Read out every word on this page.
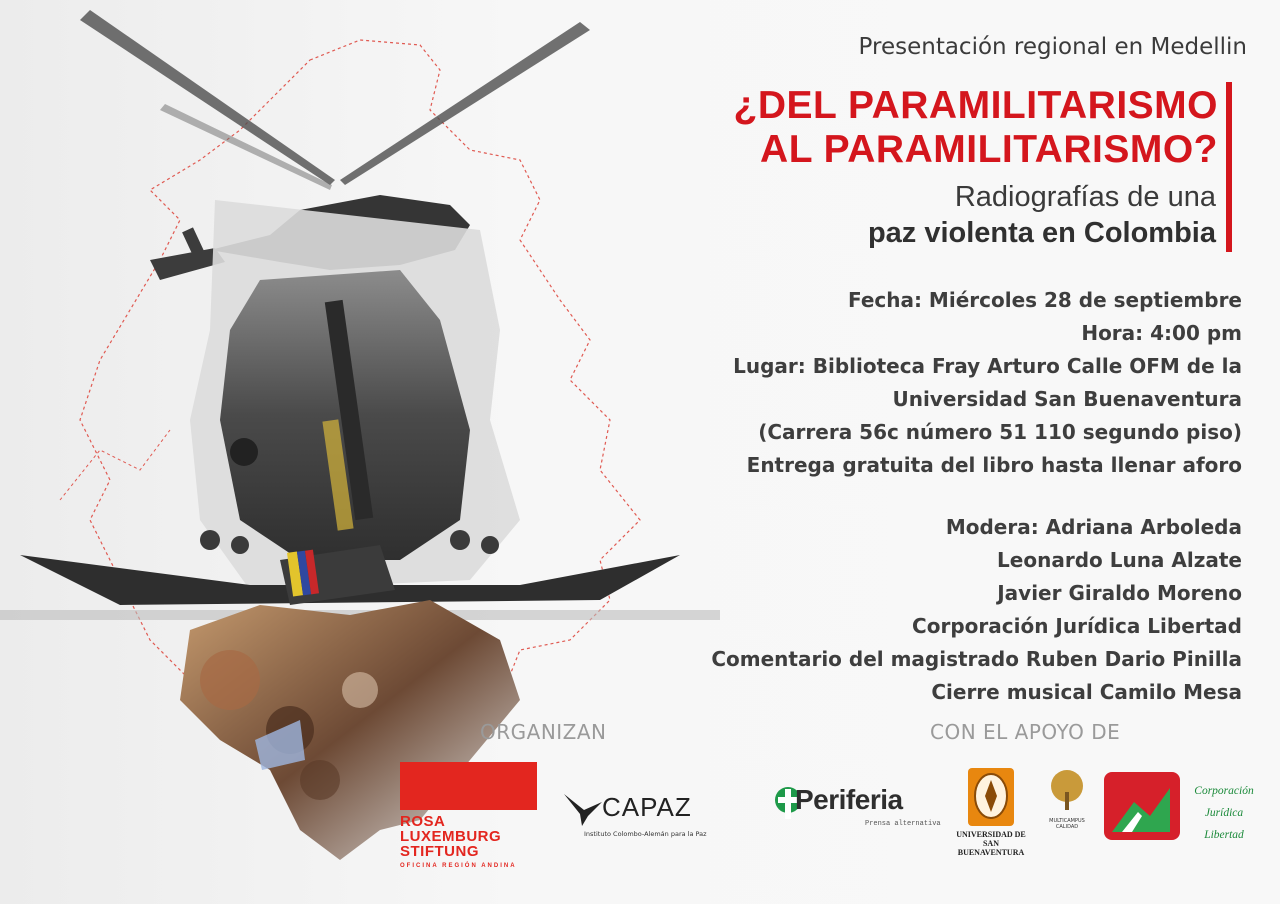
Presentación regional en Medellin
¿DEL PARAMILITARISMO
AL PARAMILITARISMO?
Radiografías de una
paz violenta en Colombia
Fecha: Miércoles 28 de septiembre
Hora: 4:00 pm
Lugar: Biblioteca Fray Arturo Calle OFM de la
Universidad San Buenaventura
(Carrera 56c número 51 110 segundo piso)
Entrega gratuita del libro hasta llenar aforo
Modera: Adriana Arboleda
Leonardo Luna Alzate
Javier Giraldo Moreno
Corporación Jurídica Libertad
Comentario del magistrado Ruben Dario Pinilla
Cierre musical Camilo Mesa
ORGANIZAN	CON EL APOYO DE
ROSA
LUXEMBURG
STIFTUNG
OFICINA REGIÓN ANDINA
CAPAZ
Instituto Colombo-Alemán para la Paz
Periferia
Prensa alternativa
UNIVERSIDAD DE
SAN BUENAVENTURA
MULTICAMPUS CALIDAD
Corporación
Jurídica
Libertad
